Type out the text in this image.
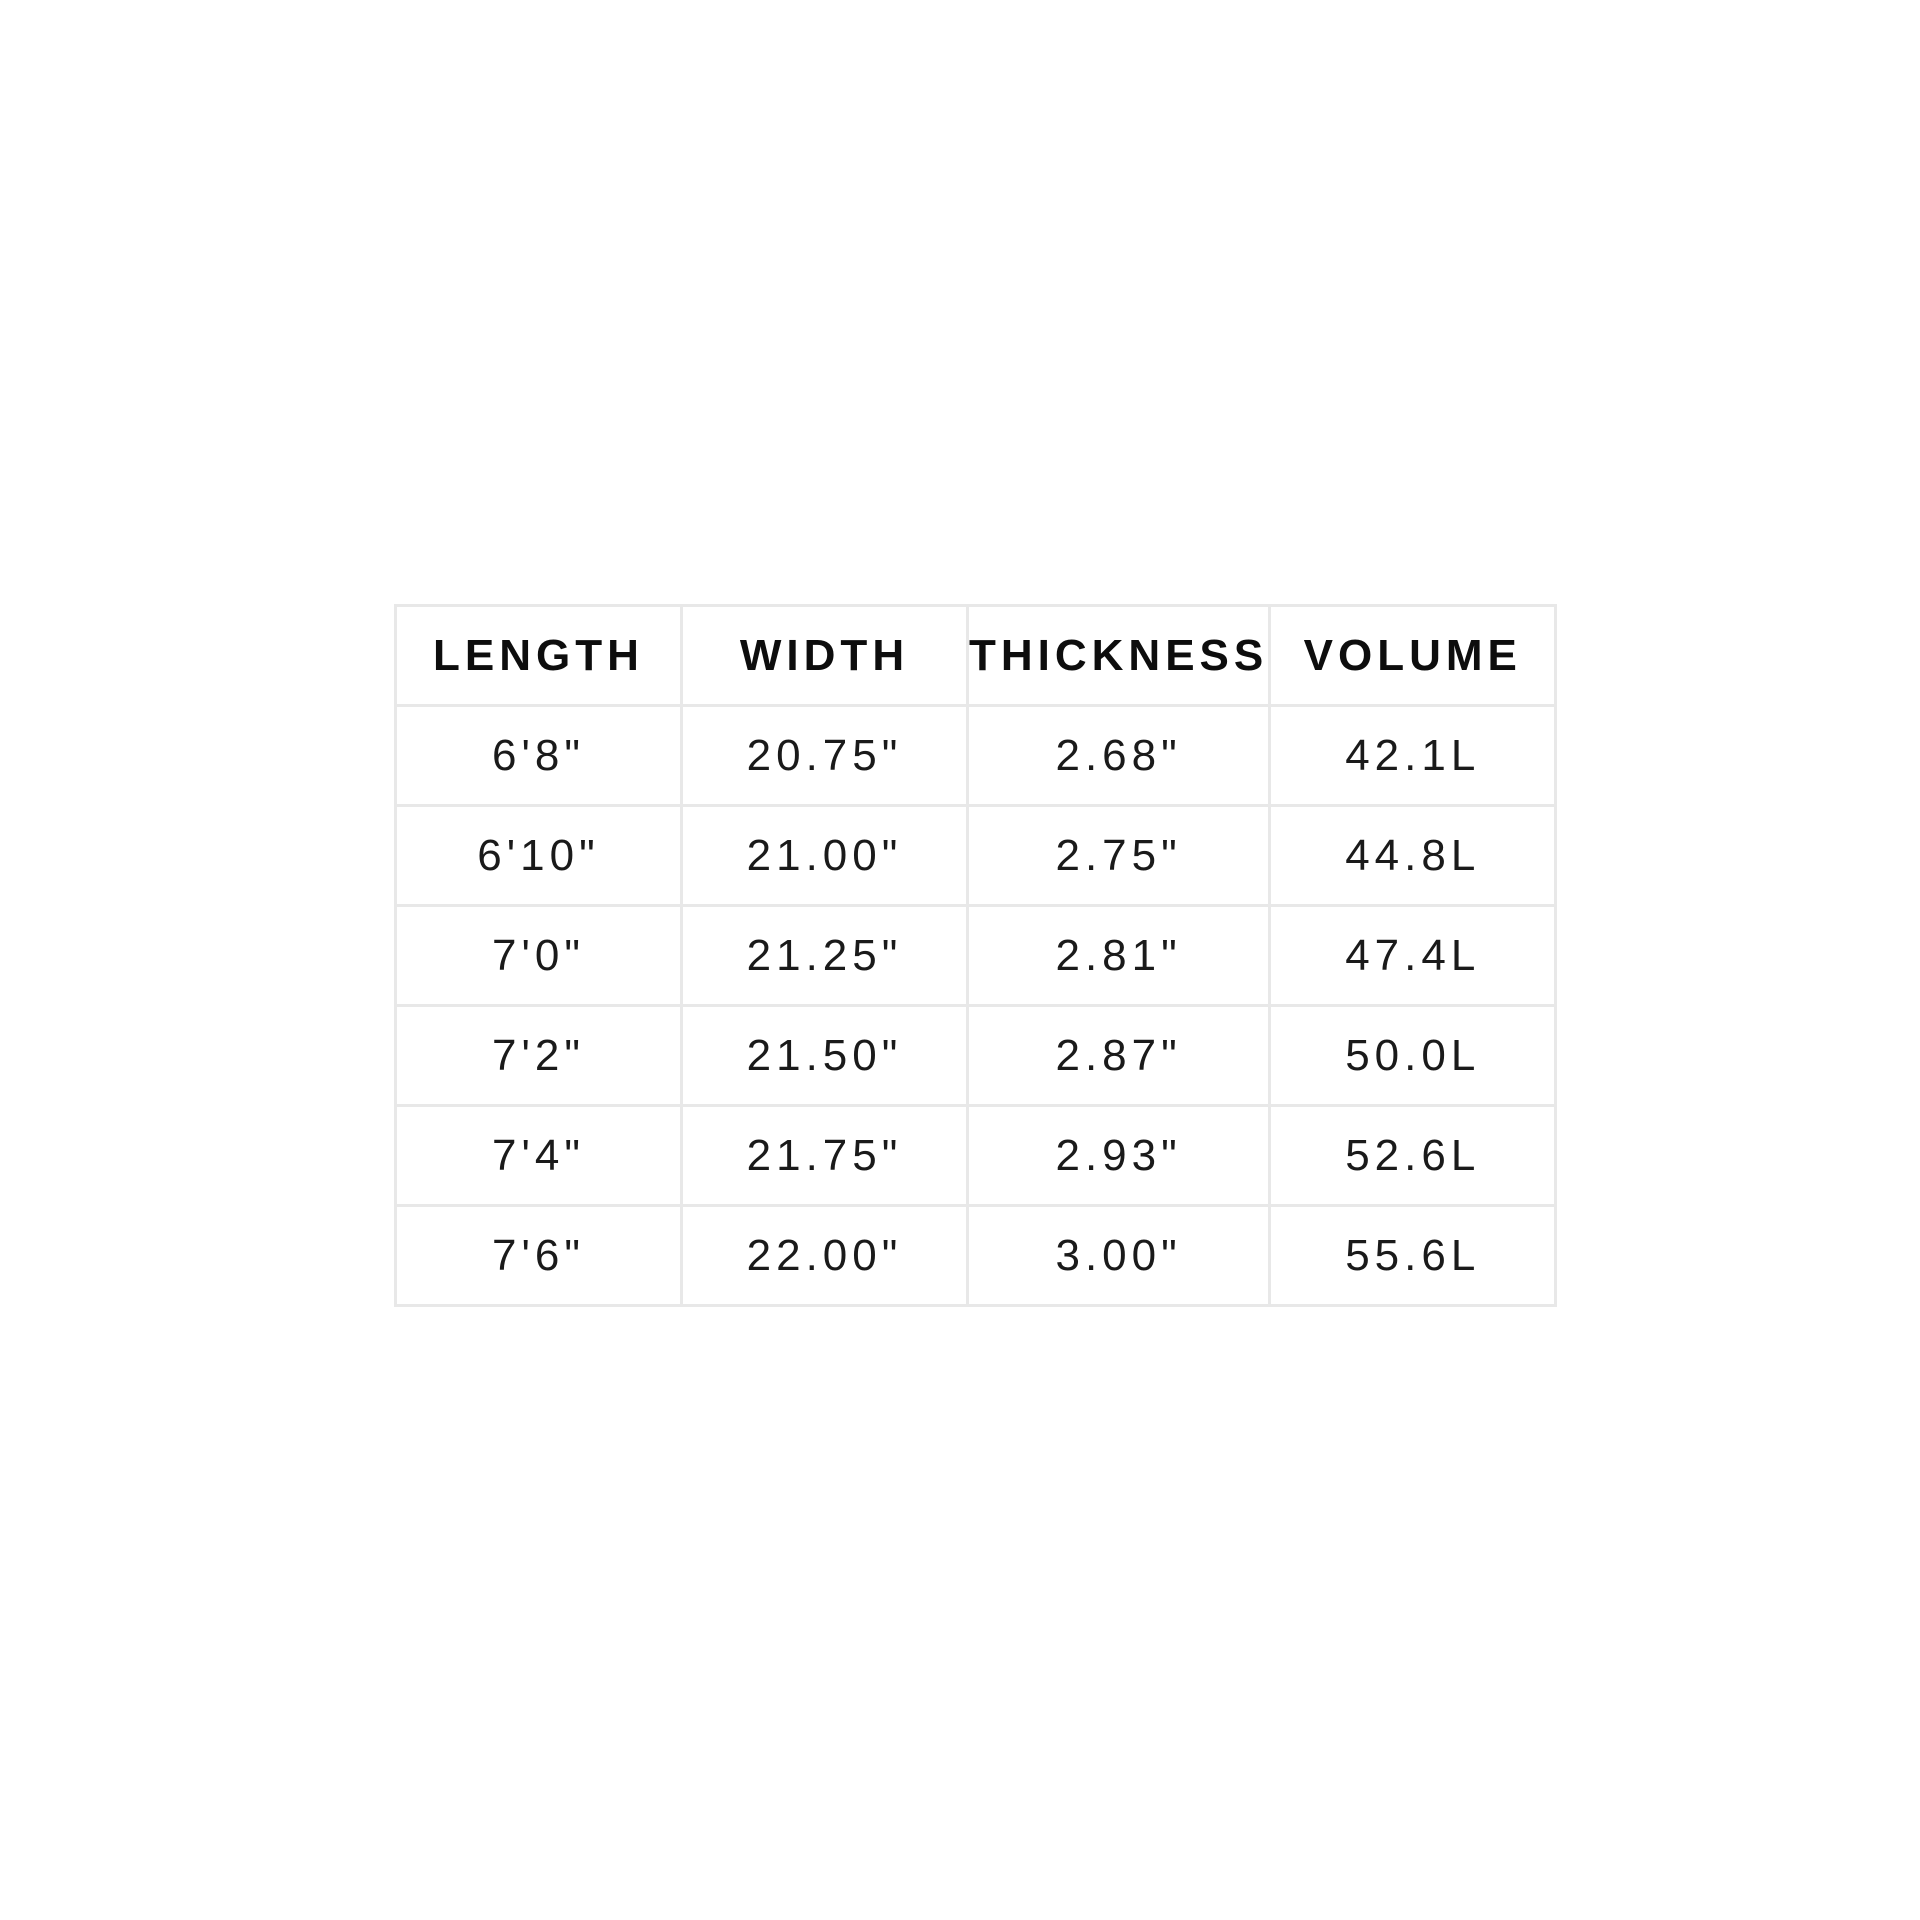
LENGTH	WIDTH	THICKNESS	VOLUME
6'8"	20.75"	2.68"	42.1L
6'10"	21.00"	2.75"	44.8L
7'0"	21.25"	2.81"	47.4L
7'2"	21.50"	2.87"	50.0L
7'4"	21.75"	2.93"	52.6L
7'6"	22.00"	3.00"	55.6L
